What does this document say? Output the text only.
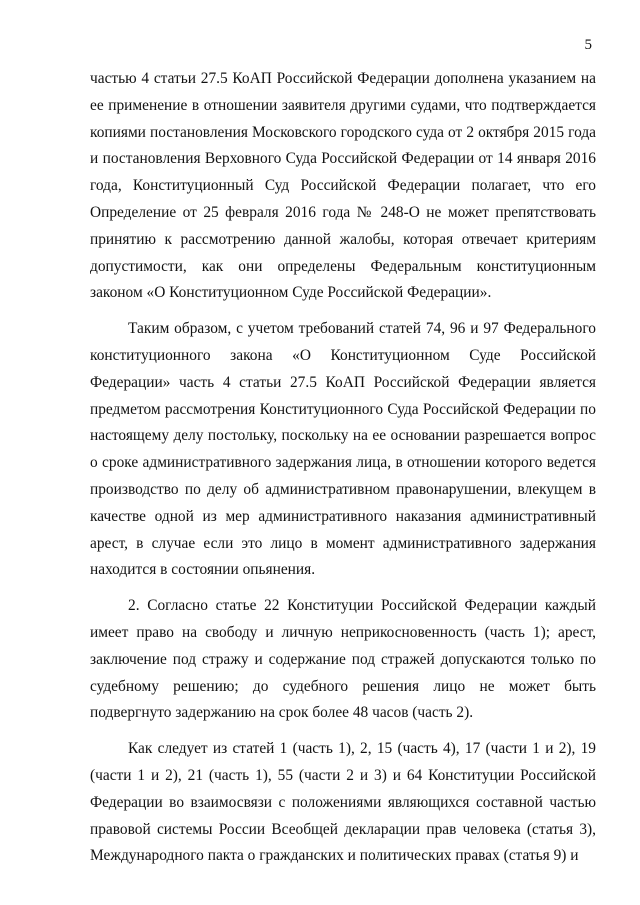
5

частью 4 статьи 27.5 КоАП Российской Федерации дополнена указанием на ее применение в отношении заявителя другими судами, что подтверждается копиями постановления Московского городского суда от 2 октября 2015 года и постановления Верховного Суда Российской Федерации от 14 января 2016 года, Конституционный Суд Российской Федерации полагает, что его Определение от 25 февраля 2016 года № 248-О не может препятствовать принятию к рассмотрению данной жалобы, которая отвечает критериям допустимости, как они определены Федеральным конституционным законом «О Конституционном Суде Российской Федерации».

Таким образом, с учетом требований статей 74, 96 и 97 Федерального конституционного закона «О Конституционном Суде Российской Федерации» часть 4 статьи 27.5 КоАП Российской Федерации является предметом рассмотрения Конституционного Суда Российской Федерации по настоящему делу постольку, поскольку на ее основании разрешается вопрос о сроке административного задержания лица, в отношении которого ведется производство по делу об административном правонарушении, влекущем в качестве одной из мер административного наказания административный арест, в случае если это лицо в момент административного задержания находится в состоянии опьянения.

2. Согласно статье 22 Конституции Российской Федерации каждый имеет право на свободу и личную неприкосновенность (часть 1); арест, заключение под стражу и содержание под стражей допускаются только по судебному решению; до судебного решения лицо не может быть подвергнуто задержанию на срок более 48 часов (часть 2).

Как следует из статей 1 (часть 1), 2, 15 (часть 4), 17 (части 1 и 2), 19 (части 1 и 2), 21 (часть 1), 55 (части 2 и 3) и 64 Конституции Российской Федерации во взаимосвязи с положениями являющихся составной частью правовой системы России Всеобщей декларации прав человека (статья 3), Международного пакта о гражданских и политических правах (статья 9) и
